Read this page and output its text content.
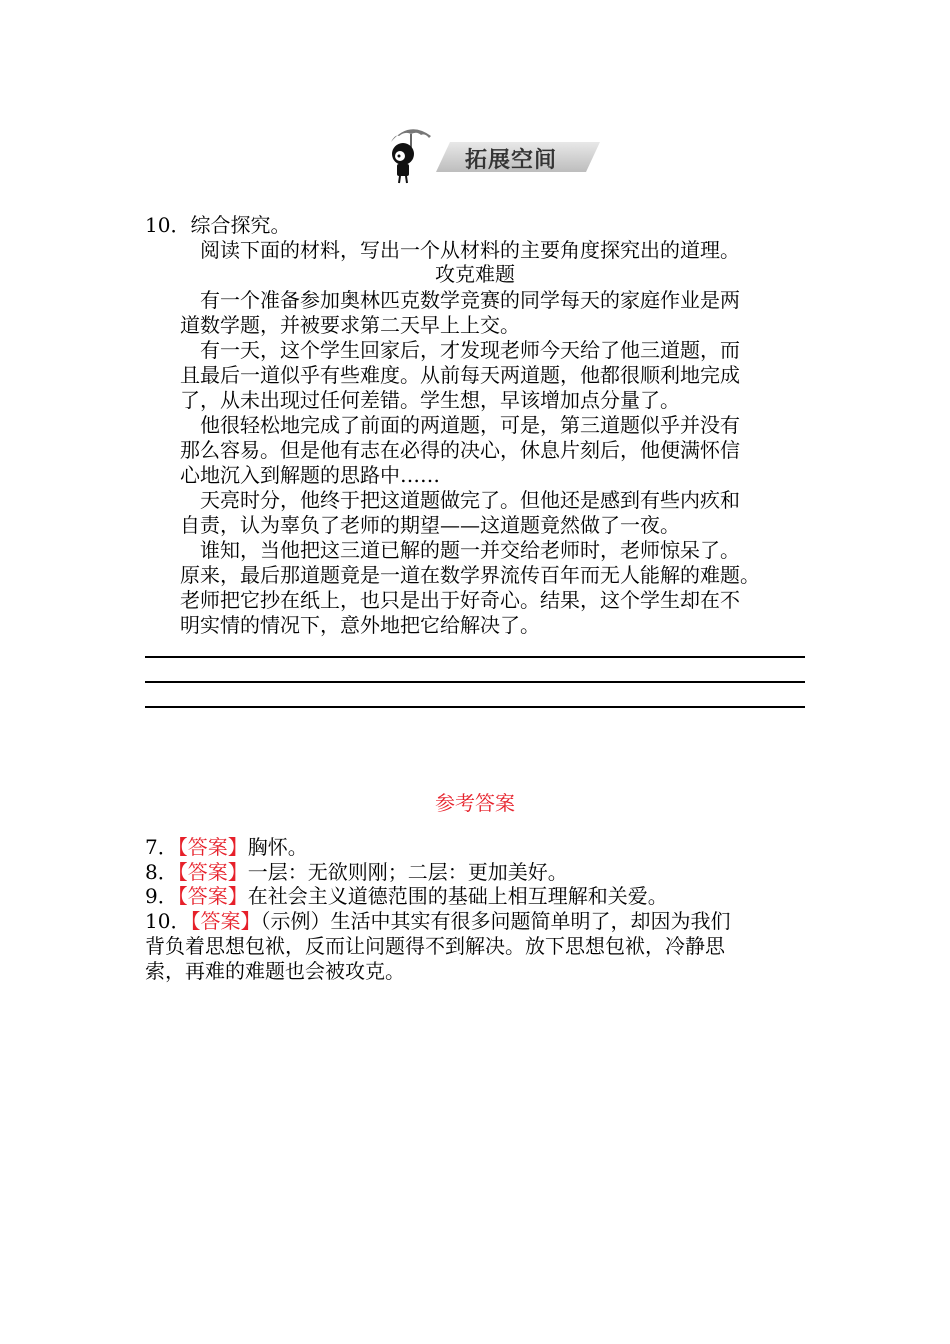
拓展空间
10．综合探究。
阅读下面的材料，写出一个从材料的主要角度探究出的道理。
攻克难题
　有一个准备参加奥林匹克数学竞赛的同学每天的家庭作业是两
道数学题，并被要求第二天早上上交。
　有一天，这个学生回家后，才发现老师今天给了他三道题，而
且最后一道似乎有些难度。从前每天两道题，他都很顺利地完成
了，从未出现过任何差错。学生想，早该增加点分量了。
　他很轻松地完成了前面的两道题，可是，第三道题似乎并没有
那么容易。但是他有志在必得的决心，休息片刻后，他便满怀信
心地沉入到解题的思路中……
　天亮时分，他终于把这道题做完了。但他还是感到有些内疚和
自责，认为辜负了老师的期望——这道题竟然做了一夜。
　谁知，当他把这三道已解的题一并交给老师时，老师惊呆了。
原来，最后那道题竟是一道在数学界流传百年而无人能解的难题。
老师把它抄在纸上，也只是出于好奇心。结果，这个学生却在不
明实情的情况下，意外地把它给解决了。
参考答案
7．【答案】胸怀。
8．【答案】一层：无欲则刚；二层：更加美好。
9．【答案】在社会主义道德范围的基础上相互理解和关爱。
10．【答案】（示例）生活中其实有很多问题简单明了，却因为我们
背负着思想包袱，反而让问题得不到解决。放下思想包袱，冷静思
索，再难的难题也会被攻克。
